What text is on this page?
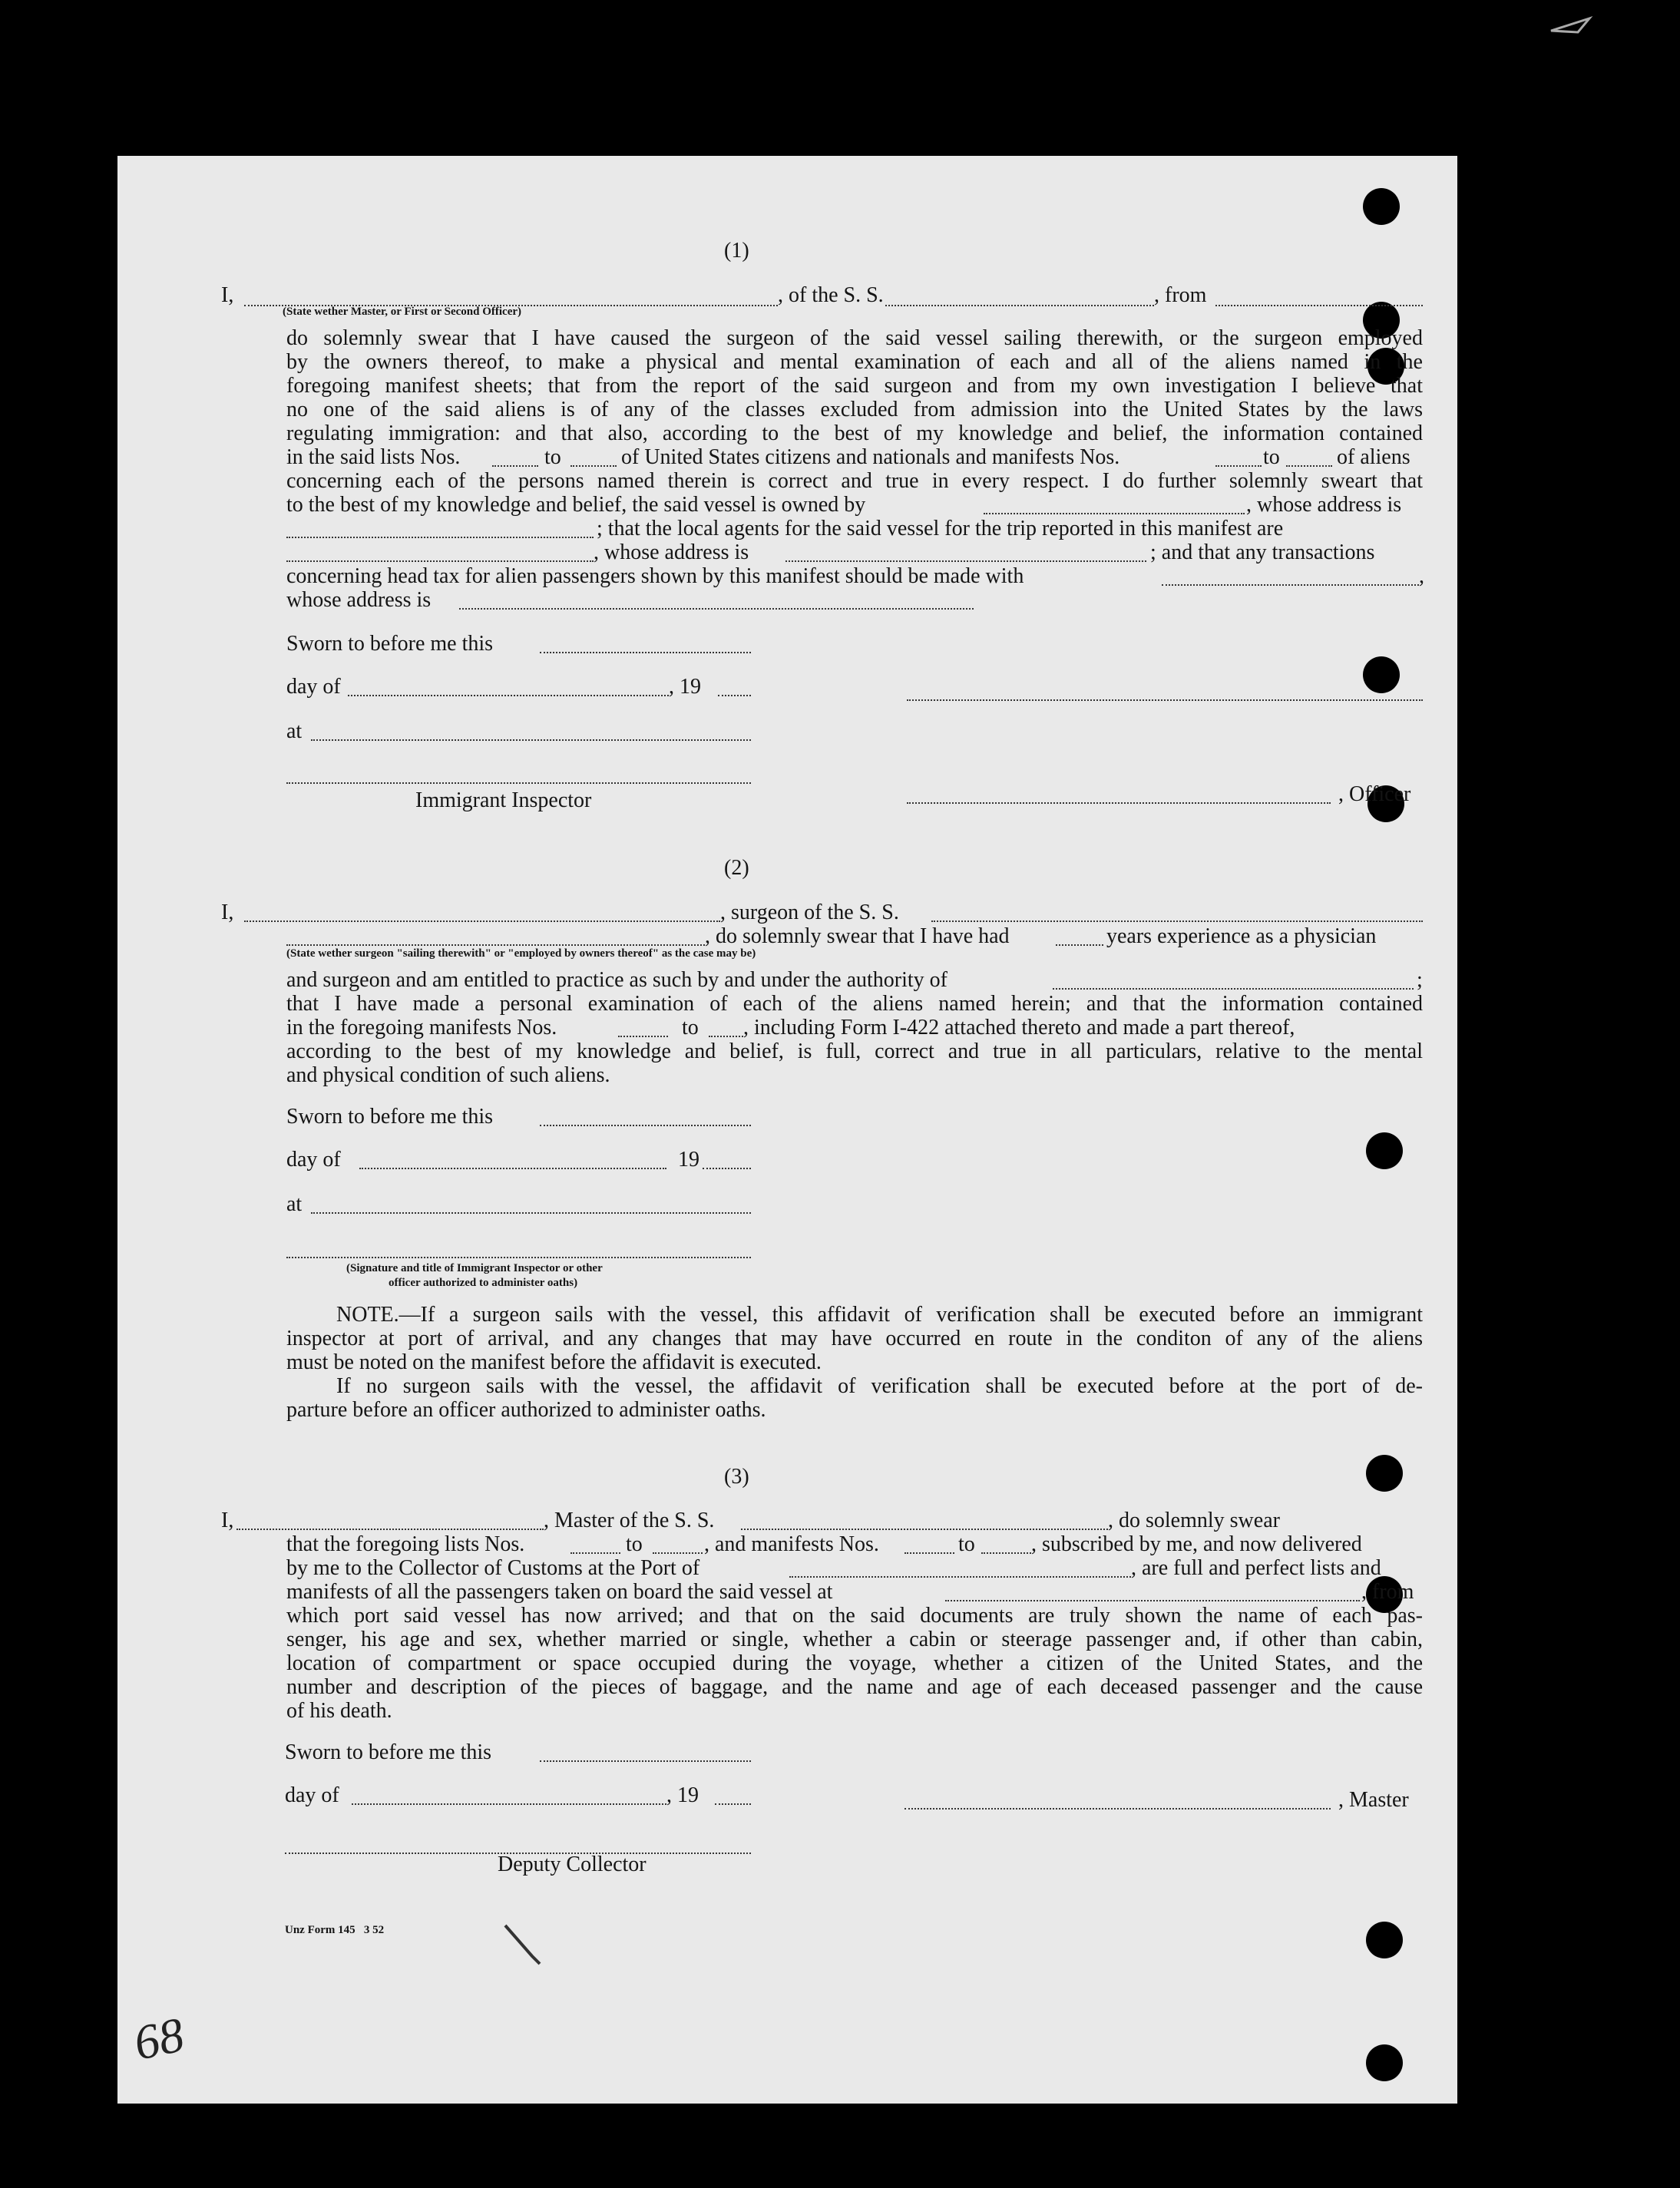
(1)
I,	, of the S. S.	, from
(State wether Master, or First or Second Officer)
do solemnly swear that I have caused the surgeon of the said vessel sailing therewith, or the surgeon employed
by the owners thereof, to make a physical and mental examination of each and all of the aliens named in the
foregoing manifest sheets; that from the report of the said surgeon and from my own investigation I believe that
no one of the said aliens is of any of the classes excluded from admission into the United States by the laws
regulating immigration: and that also, according to the best of my knowledge and belief, the information contained
in the said lists Nos.	to	of United States citizens and nationals and manifests Nos.	to	of aliens
concerning each of the persons named therein is correct and true in every respect. I do further solemnly sweart that
to the best of my knowledge and belief, the said vessel is owned by	, whose address is
; that the local agents for the said vessel for the trip reported in this manifest are
, whose address is	; and that any transactions
concerning head tax for alien passengers shown by this manifest should be made with	,
whose address is
Sworn to before me this
day of	, 19
at
Immigrant Inspector	, Officer
(2)
I,	, surgeon of the S. S.
, do solemnly swear that I have had	years experience as a physician
(State wether surgeon "sailing therewith" or "employed by owners thereof" as the case may be)
and surgeon and am entitled to practice as such by and under the authority of	;
that I have made a personal examination of each of the aliens named herein; and that the information contained
in the foregoing manifests Nos.	to , including Form I-422 attached thereto and made a part thereof,
according to the best of my knowledge and belief, is full, correct and true in all particulars, relative to the mental
and physical condition of such aliens.
Sworn to before me this
day of	19
at
(Signature and title of Immigrant Inspector or other
officer authorized to administer oaths)
NOTE.—If a surgeon sails with the vessel, this affidavit of verification shall be executed before an immigrant
inspector at port of arrival, and any changes that may have occurred en route in the conditon of any of the aliens
must be noted on the manifest before the affidavit is executed.
If no surgeon sails with the vessel, the affidavit of verification shall be executed before at the port of de-
parture before an officer authorized to administer oaths.
(3)
I,	, Master of the S. S.	, do solemnly swear
that the foregoing lists Nos.	to	, and manifests Nos.	to	, subscribed by me, and now delivered
by me to the Collector of Customs at the Port of	, are full and perfect lists and
manifests of all the passengers taken on board the said vessel at	, from
which port said vessel has now arrived; and that on the said documents are truly shown the name of each pas-
senger, his age and sex, whether married or single, whether a cabin or steerage passenger and, if other than cabin,
location of compartment or space occupied during the voyage, whether a citizen of the United States, and the
number and description of the pieces of baggage, and the name and age of each deceased passenger and the cause
of his death.
Sworn to before me this
day of	, 19	, Master
Deputy Collector
Unz Form 145   3 52
68
